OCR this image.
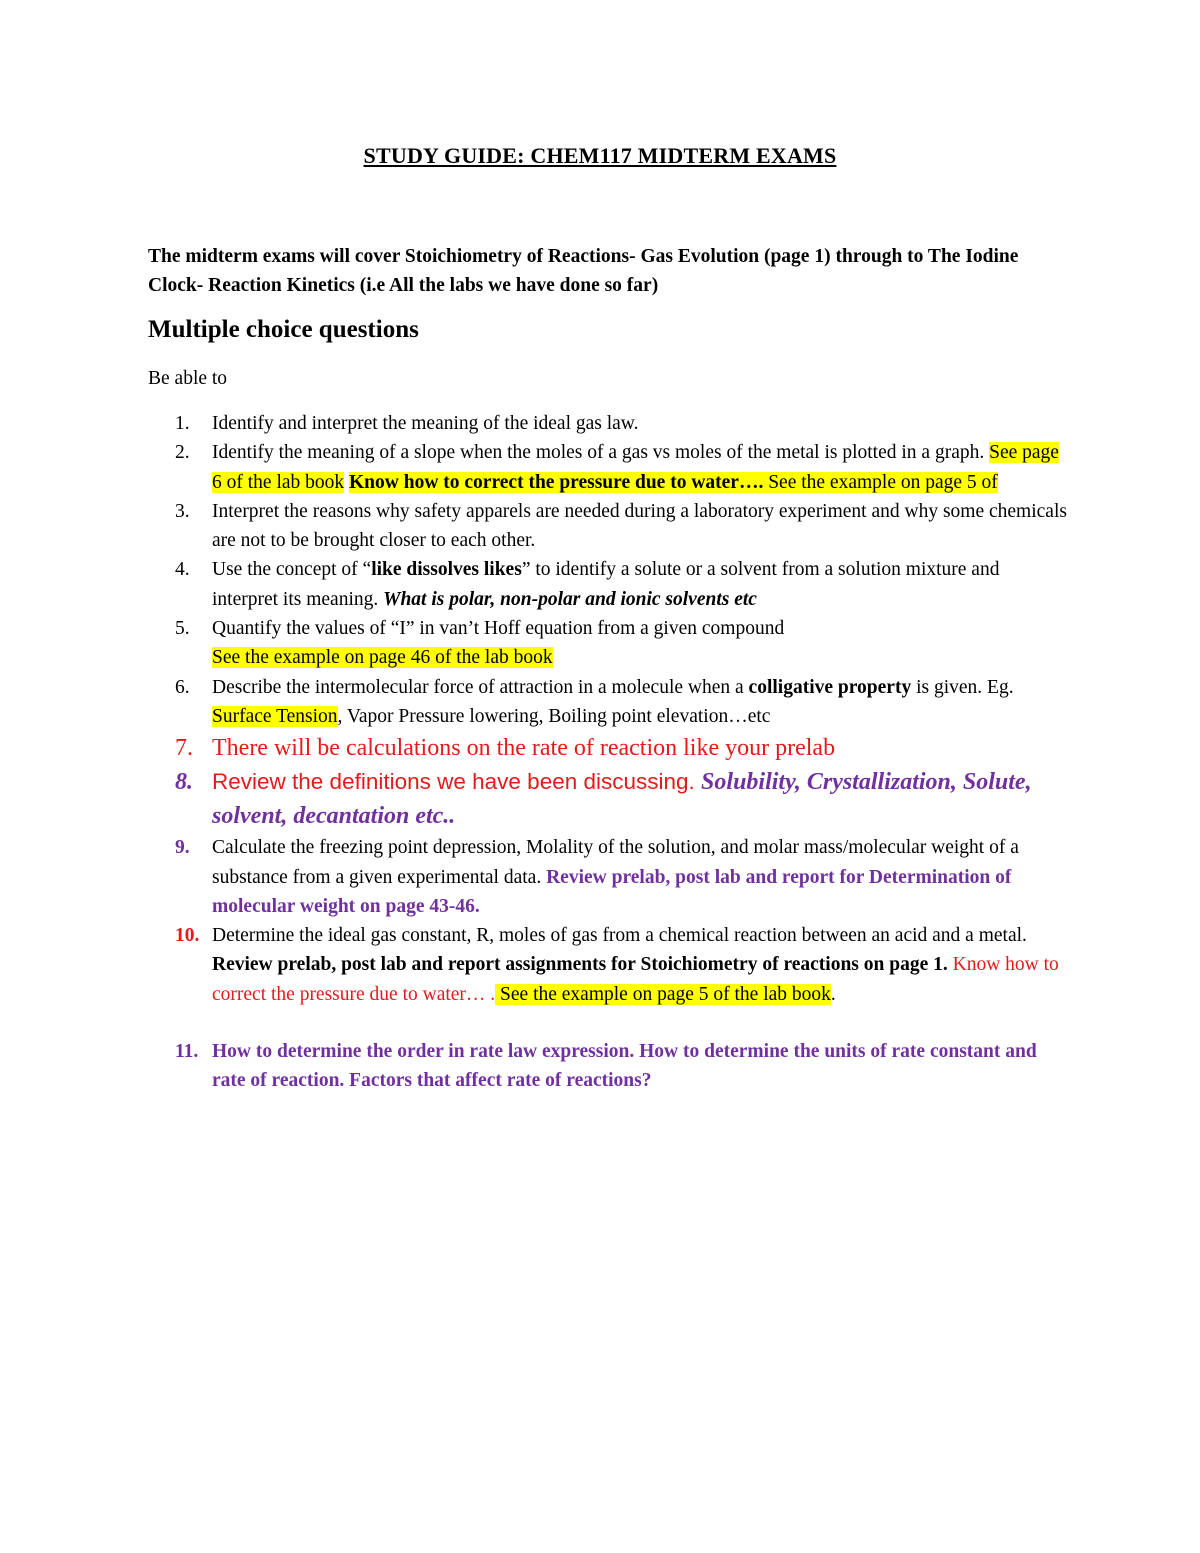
STUDY GUIDE: CHEM117 MIDTERM EXAMS
The midterm exams will cover Stoichiometry of Reactions- Gas Evolution (page 1) through to The Iodine Clock- Reaction Kinetics (i.e All the labs we have done so far)
Multiple choice questions
Be able to
1. Identify and interpret the meaning of the ideal gas law.
2. Identify the meaning of a slope when the moles of a gas vs moles of the metal is plotted in a graph. See page 6 of the lab book Know how to correct the pressure due to water…. See the example on page 5 of
3. Interpret the reasons why safety apparels are needed during a laboratory experiment and why some chemicals are not to be brought closer to each other.
4. Use the concept of “like dissolves likes” to identify a solute or a solvent from a solution mixture and interpret its meaning. What is polar, non-polar and ionic solvents etc
5. Quantify the values of “I” in van’t Hoff equation from a given compound
See the example on page 46 of the lab book
6. Describe the intermolecular force of attraction in a molecule when a colligative property is given. Eg. Surface Tension, Vapor Pressure lowering, Boiling point elevation…etc
7. There will be calculations on the rate of reaction like your prelab
8. Review the definitions we have been discussing. Solubility, Crystallization, Solute, solvent, decantation etc..
9. Calculate the freezing point depression, Molality of the solution, and molar mass/molecular weight of a substance from a given experimental data. Review prelab, post lab and report for Determination of molecular weight on page 43-46.
10. Determine the ideal gas constant, R, moles of gas from a chemical reaction between an acid and a metal. Review prelab, post lab and report assignments for Stoichiometry of reactions on page 1. Know how to correct the pressure due to water… . See the example on page 5 of the lab book.
11. How to determine the order in rate law expression. How to determine the units of rate constant and rate of reaction. Factors that affect rate of reactions?
